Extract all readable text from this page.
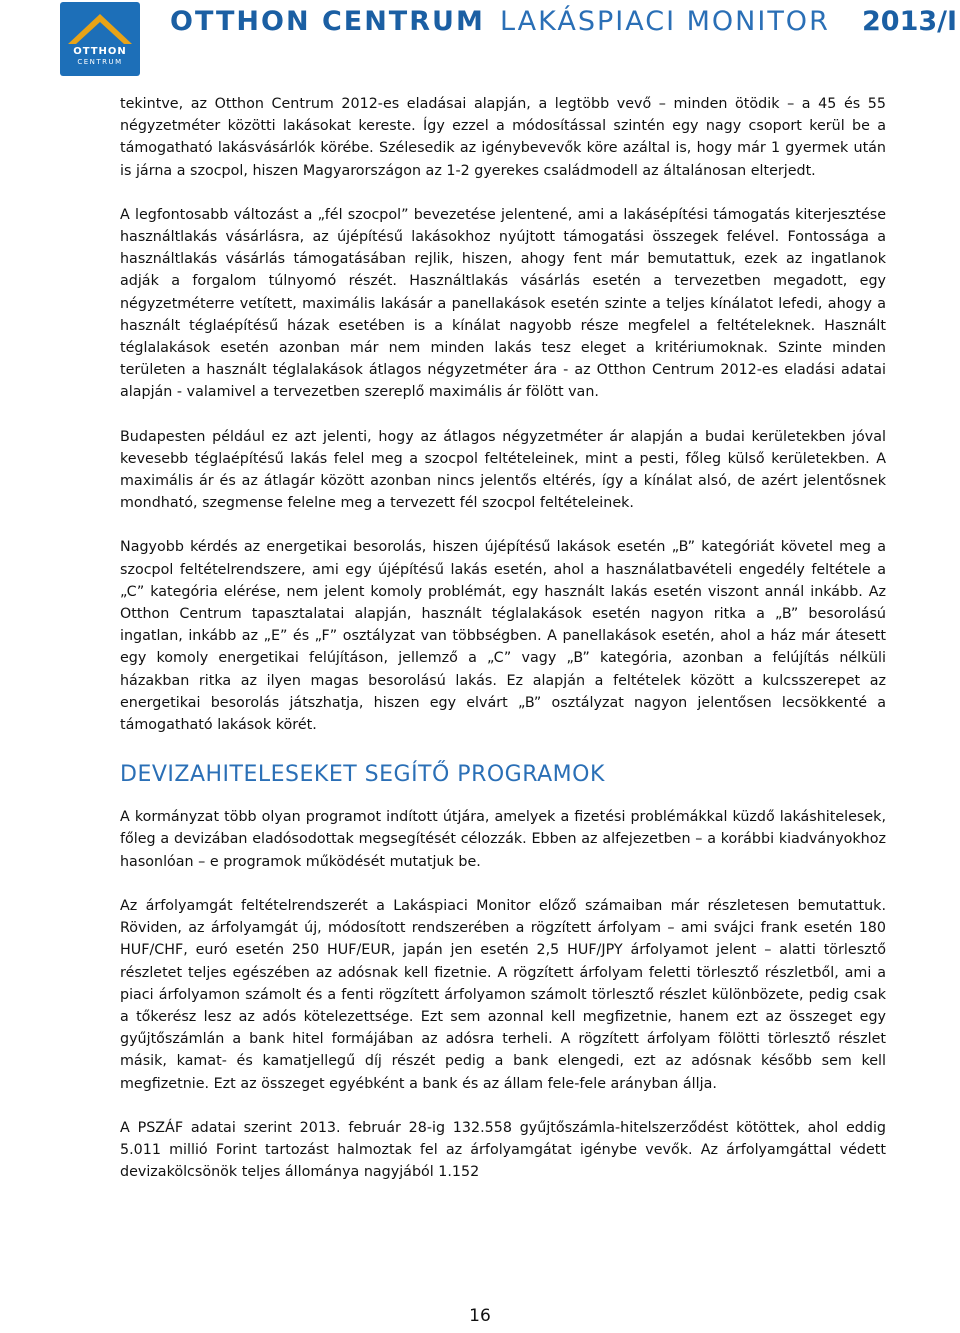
OTTHON
CENTRUM
OTTHON CENTRUM LAKÁSPIACI MONITOR 2013/I

tekintve, az Otthon Centrum 2012-es eladásai alapján, a legtöbb vevő – minden ötödik – a 45 és 55 négyzetméter közötti lakásokat kereste. Így ezzel a módosítással szintén egy nagy csoport kerül be a támogatható lakásvásárlók körébe. Szélesedik az igénybevevők köre azáltal is, hogy már 1 gyermek után is járna a szocpol, hiszen Magyarországon az 1-2 gyerekes családmodell az általánosan elterjedt.

A legfontosabb változást a „fél szocpol” bevezetése jelentené, ami a lakásépítési támogatás kiterjesztése használtlakás vásárlásra, az újépítésű lakásokhoz nyújtott támogatási összegek felével. Fontossága a használtlakás vásárlás támogatásában rejlik, hiszen, ahogy fent már bemutattuk, ezek az ingatlanok adják a forgalom túlnyomó részét. Használtlakás vásárlás esetén a tervezetben megadott, egy négyzetméterre vetített, maximális lakásár a panellakások esetén szinte a teljes kínálatot lefedi, ahogy a használt téglaépítésű házak esetében is a kínálat nagyobb része megfelel a feltételeknek. Használt téglalakások esetén azonban már nem minden lakás tesz eleget a kritériumoknak. Szinte minden területen a használt téglalakások átlagos négyzetméter ára - az Otthon Centrum 2012-es eladási adatai alapján - valamivel a tervezetben szereplő maximális ár fölött van.

Budapesten például ez azt jelenti, hogy az átlagos négyzetméter ár alapján a budai kerületekben jóval kevesebb téglaépítésű lakás felel meg a szocpol feltételeinek, mint a pesti, főleg külső kerületekben. A maximális ár és az átlagár között azonban nincs jelentős eltérés, így a kínálat alsó, de azért jelentősnek mondható, szegmense felelne meg a tervezett fél szocpol feltételeinek.

Nagyobb kérdés az energetikai besorolás, hiszen újépítésű lakások esetén „B” kategóriát követel meg a szocpol feltételrendszere, ami egy újépítésű lakás esetén, ahol a használatbavételi engedély feltétele a „C” kategória elérése, nem jelent komoly problémát, egy használt lakás esetén viszont annál inkább. Az Otthon Centrum tapasztalatai alapján, használt téglalakások esetén nagyon ritka a „B” besorolású ingatlan, inkább az „E” és „F” osztályzat van többségben. A panellakások esetén, ahol a ház már átesett egy komoly energetikai felújításon, jellemző a „C” vagy „B” kategória, azonban a felújítás nélküli házakban ritka az ilyen magas besorolású lakás. Ez alapján a feltételek között a kulcsszerepet az energetikai besorolás játszhatja, hiszen egy elvárt „B” osztályzat nagyon jelentősen lecsökkenté a támogatható lakások körét.

DEVIZAHITELESEKET SEGÍTŐ PROGRAMOK

A kormányzat több olyan programot indított útjára, amelyek a fizetési problémákkal küzdő lakáshitelesek, főleg a devizában eladósodottak megsegítését célozzák. Ebben az alfejezetben – a korábbi kiadványokhoz hasonlóan – e programok működését mutatjuk be.

Az árfolyamgát feltételrendszerét a Lakáspiaci Monitor előző számaiban már részletesen bemutattuk. Röviden, az árfolyamgát új, módosított rendszerében a rögzített árfolyam – ami svájci frank esetén 180 HUF/CHF, euró esetén 250 HUF/EUR, japán jen esetén 2,5 HUF/JPY árfolyamot jelent – alatti törlesztő részletet teljes egészében az adósnak kell fizetnie. A rögzített árfolyam feletti törlesztő részletből, ami a piaci árfolyamon számolt és a fenti rögzített árfolyamon számolt törlesztő részlet különbözete, pedig csak a tőkerész lesz az adós kötelezettsége. Ezt sem azonnal kell megfizetnie, hanem ezt az összeget egy gyűjtőszámlán a bank hitel formájában az adósra terheli. A rögzített árfolyam fölötti törlesztő részlet másik, kamat- és kamatjellegű díj részét pedig a bank elengedi, ezt az adósnak később sem kell megfizetnie. Ezt az összeget egyébként a bank és az állam fele-fele arányban állja.

A PSZÁF adatai szerint 2013. február 28-ig 132.558 gyűjtőszámla-hitelszerződést kötöttek, ahol eddig 5.011 millió Forint tartozást halmoztak fel az árfolyamgátat igénybe vevők. Az árfolyamgáttal védett devizakölcsönök teljes állománya nagyjából 1.152

16
